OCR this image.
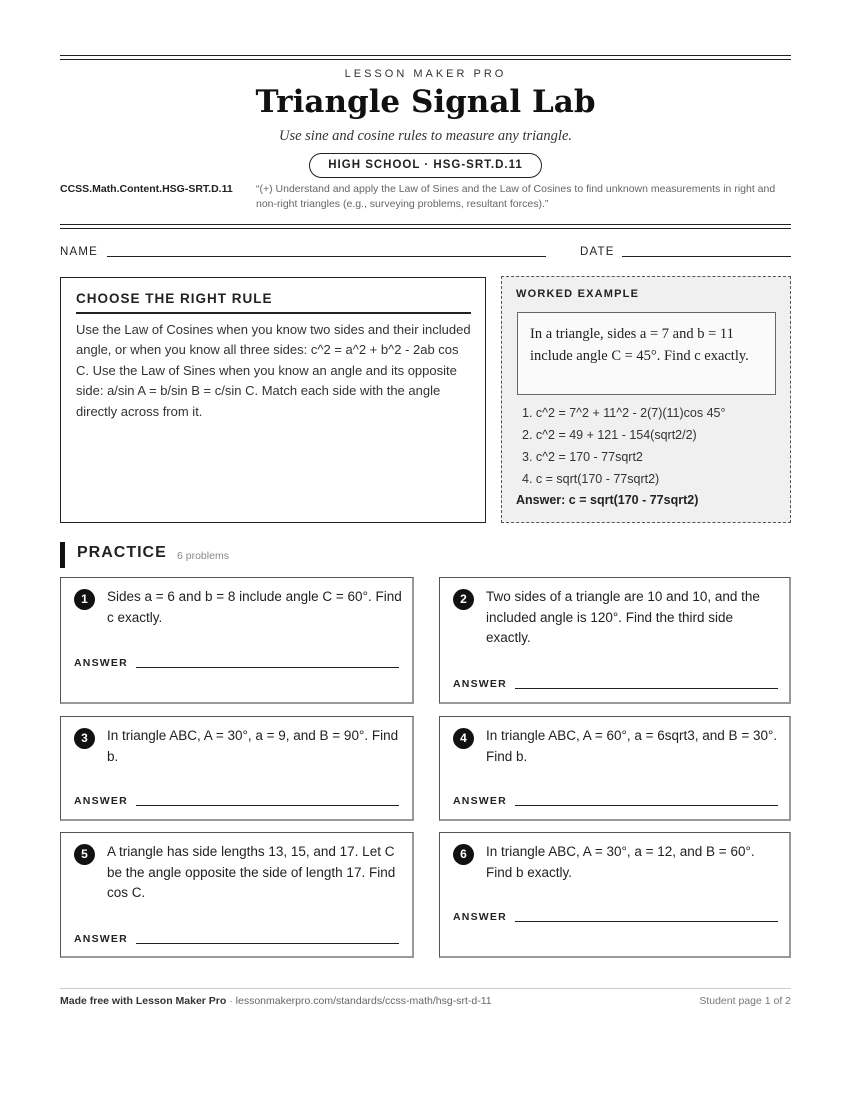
LESSON MAKER PRO
Triangle Signal Lab
Use sine and cosine rules to measure any triangle.
HIGH SCHOOL · HSG-SRT.D.11
CCSS.Math.Content.HSG-SRT.D.11 “(+) Understand and apply the Law of Sines and the Law of Cosines to find unknown measurements in right and non-right triangles (e.g., surveying problems, resultant forces).”
NAME	DATE
CHOOSE THE RIGHT RULE
Use the Law of Cosines when you know two sides and their included angle, or when you know all three sides: c^2 = a^2 + b^2 - 2ab cos C. Use the Law of Sines when you know an angle and its opposite side: a/sin A = b/sin B = c/sin C. Match each side with the angle directly across from it.
WORKED EXAMPLE
In a triangle, sides a = 7 and b = 11 include angle C = 45°. Find c exactly.
1. c^2 = 7^2 + 11^2 - 2(7)(11)cos 45°
2. c^2 = 49 + 121 - 154(sqrt2/2)
3. c^2 = 170 - 77sqrt2
4. c = sqrt(170 - 77sqrt2)
Answer: c = sqrt(170 - 77sqrt2)
PRACTICE 6 problems
1	Sides a = 6 and b = 8 include angle C = 60°. Find c exactly.
ANSWER
2	Two sides of a triangle are 10 and 10, and the included angle is 120°. Find the third side exactly.
ANSWER
3	In triangle ABC, A = 30°, a = 9, and B = 90°. Find b.
ANSWER
4	In triangle ABC, A = 60°, a = 6sqrt3, and B = 30°. Find b.
ANSWER
5	A triangle has side lengths 13, 15, and 17. Let C be the angle opposite the side of length 17. Find cos C.
ANSWER
6	In triangle ABC, A = 30°, a = 12, and B = 60°. Find b exactly.
ANSWER
Made free with Lesson Maker Pro · lessonmakerpro.com/standards/ccss-math/hsg-srt-d-11	Student page 1 of 2
